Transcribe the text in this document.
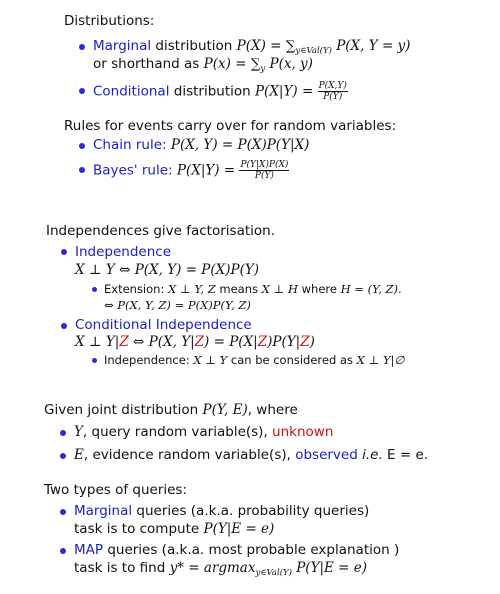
Distributions:
Marginal distribution $P(X) = \sum_{y\in Val(Y)}$ P(X, Y = y)
or shorthand as $P(x) = \sum_y$ P(x, y)
Conditional distribution $P(X|Y) = \frac{P(X,Y)}{P(Y)}$
Rules for events carry over for random variables:
Chain rule: P(X, Y) = P(X)P(Y|X)
Bayes' rule: $P(X|Y) = \frac{P(Y|X)P(X)}{P(Y)}$
Independences give factorisation.
Independence
X ⊥ Y ⇔ P(X, Y) = P(X)P(Y)
Extension: X ⊥ Y, Z means X ⊥ H where H = (Y, Z).
⇔ P(X, Y, Z) = P(X)P(Y, Z)
Conditional Independence
X ⊥ Y|Z ⇔ P(X, Y|Z) = P(X|Z)P(Y|Z)
Independence: X ⊥ Y can be considered as X ⊥ Y|∅
Given joint distribution P(Y, E), where
Y, query random variable(s), unknown
E, evidence random variable(s), observed i.e. E = e.
Two types of queries:
Marginal queries (a.k.a. probability queries)
task is to compute P(Y|E = e)
MAP queries (a.k.a. most probable explanation )
task is to find y* = argmax$_{y\in Val(Y)}$ P(Y|E = e)
